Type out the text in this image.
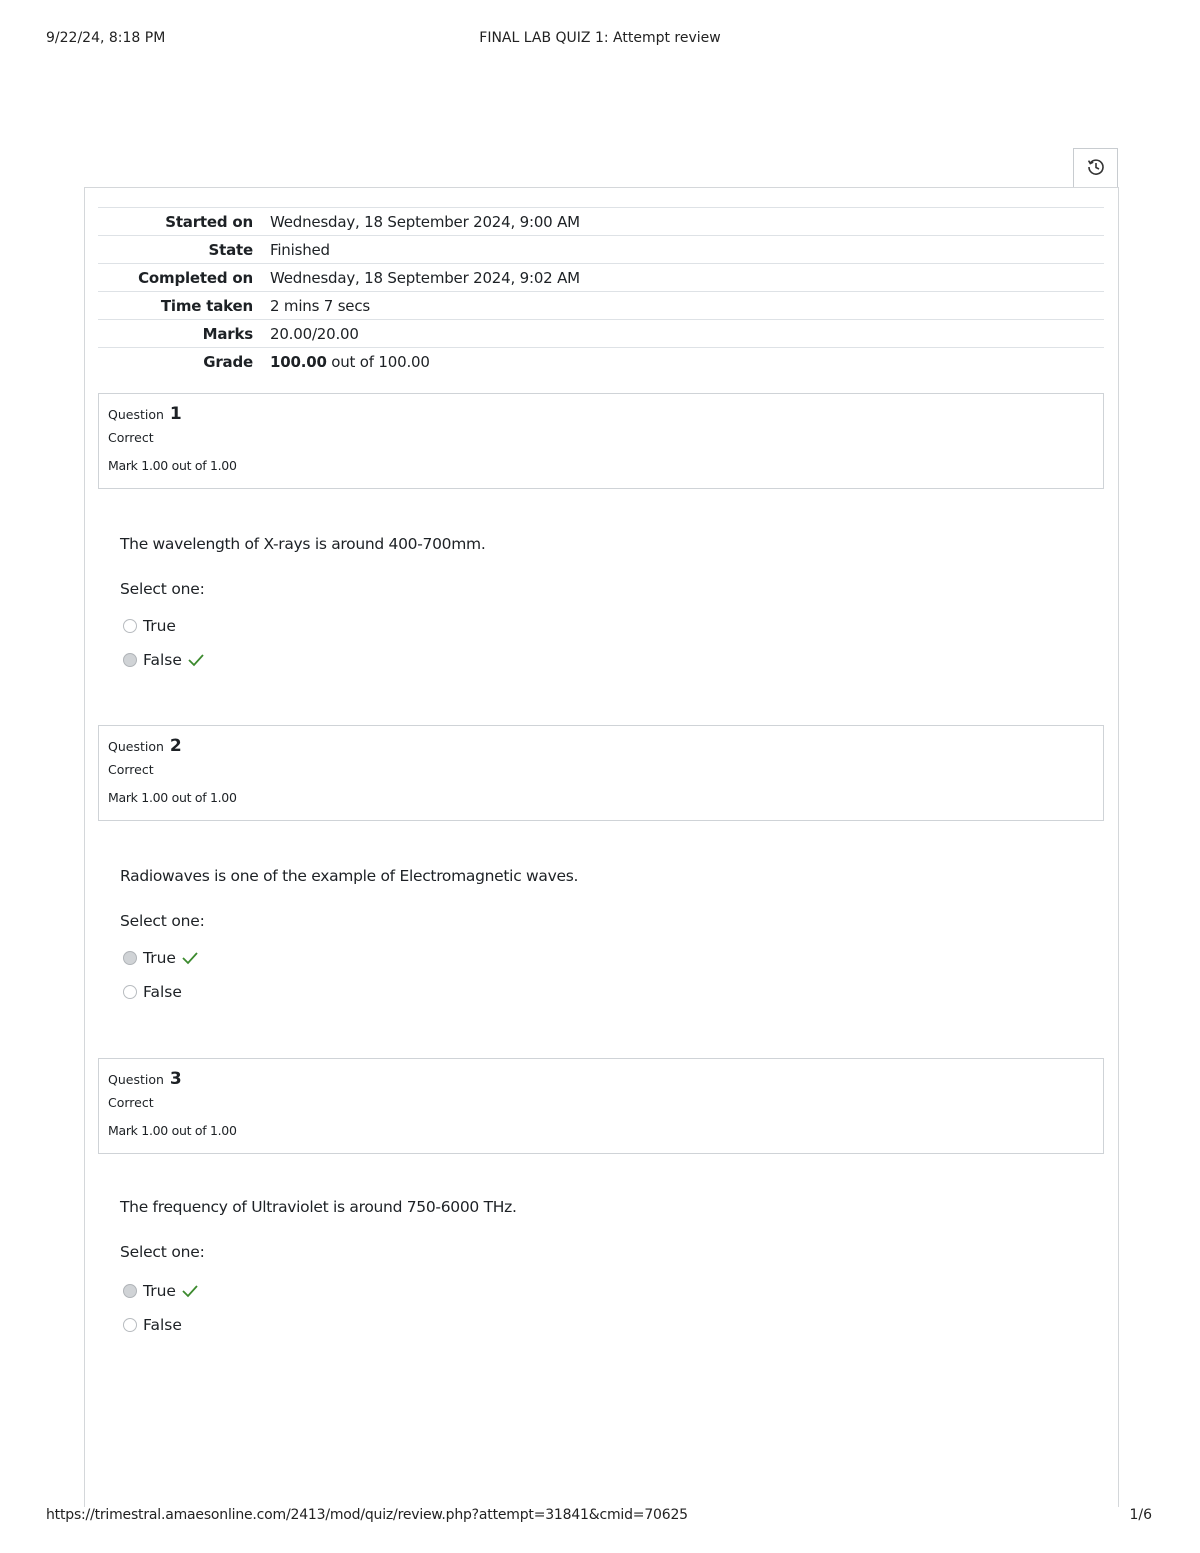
9/22/24, 8:18 PM	FINAL LAB QUIZ 1: Attempt review
Started on	Wednesday, 18 September 2024, 9:00 AM
State	Finished
Completed on	Wednesday, 18 September 2024, 9:02 AM
Time taken	2 mins 7 secs
Marks	20.00/20.00
Grade	100.00 out of 100.00
Question 1
Correct
Mark 1.00 out of 1.00
The wavelength of X-rays is around 400-700mm.
Select one:
True
False
Question 2
Correct
Mark 1.00 out of 1.00
Radiowaves is one of the example of Electromagnetic waves.
Select one:
True
False
Question 3
Correct
Mark 1.00 out of 1.00
The frequency of Ultraviolet is around 750-6000 THz.
Select one:
True
False
https://trimestral.amaesonline.com/2413/mod/quiz/review.php?attempt=31841&cmid=70625	1/6
